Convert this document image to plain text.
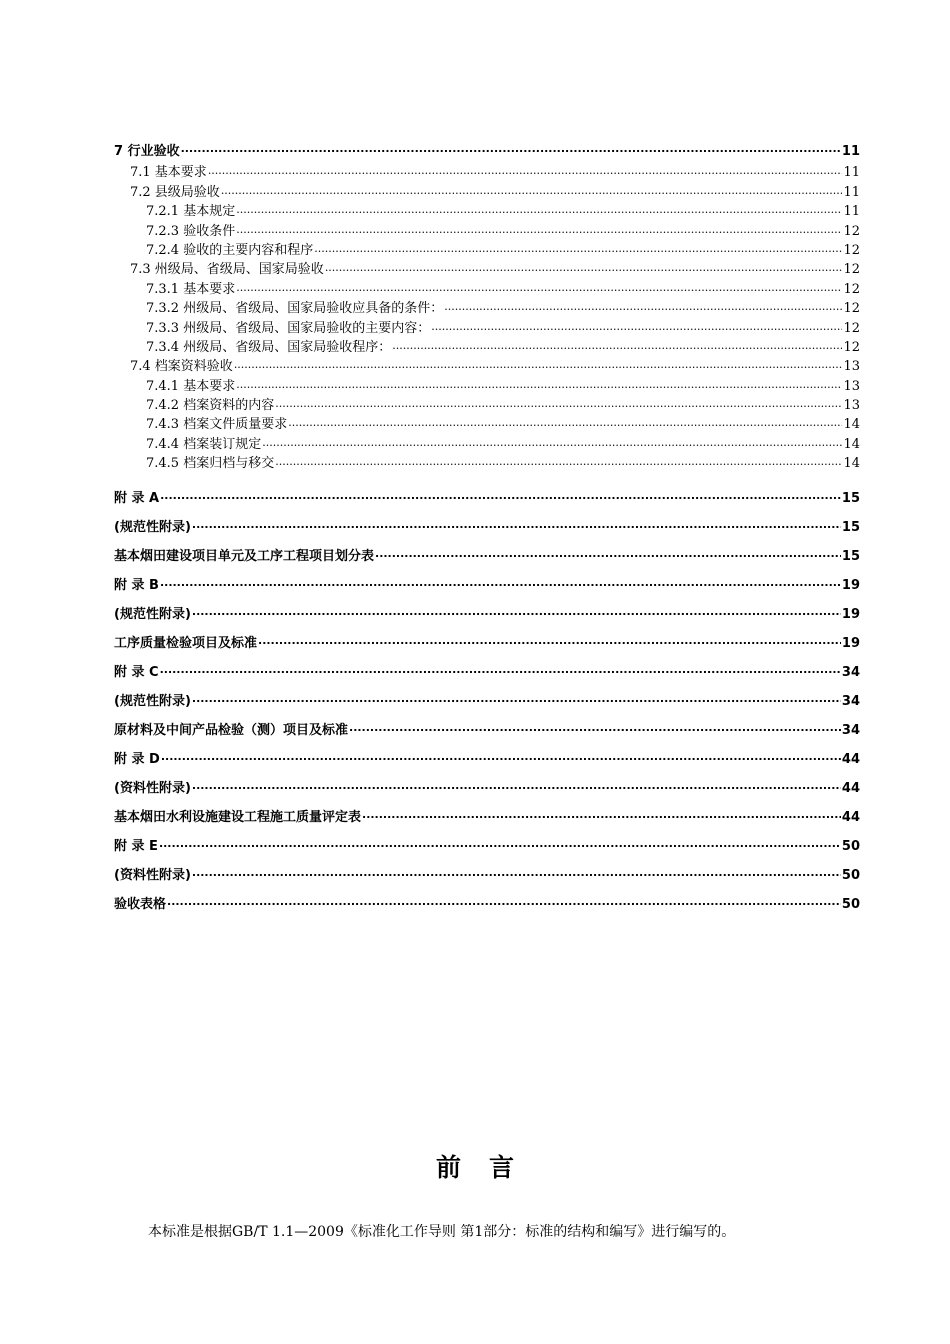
7 行业验收 .....	11
7.1 基本要求 .....	11
7.2 县级局验收 .....	11
7.2.1 基本规定 .....	11
7.2.3 验收条件 .....	12
7.2.4 验收的主要内容和程序 .....	12
7.3 州级局、省级局、国家局验收 .....	12
7.3.1 基本要求 .....	12
7.3.2 州级局、省级局、国家局验收应具备的条件： .....	12
7.3.3 州级局、省级局、国家局验收的主要内容： .....	12
7.3.4 州级局、省级局、国家局验收程序： .....	12
7.4 档案资料验收 .....	13
7.4.1 基本要求 .....	13
7.4.2 档案资料的内容 .....	13
7.4.3 档案文件质量要求 .....	14
7.4.4 档案装订规定 .....	14
7.4.5 档案归档与移交 .....	14
附 录 A .....	15
(规范性附录) .....	15
基本烟田建设项目单元及工序工程项目划分表 .....	15
附 录 B .....	19
(规范性附录) .....	19
工序质量检验项目及标准 .....	19
附 录 C .....	34
(规范性附录) .....	34
原材料及中间产品检验（测）项目及标准 .....	34
附 录 D .....	44
(资料性附录) .....	44
基本烟田水利设施建设工程施工质量评定表 .....	44
附 录 E .....	50
(资料性附录) .....	50
验收表格 .....	50
前言
本标准是根据GB/T 1.1—2009《标准化工作导则 第1部分：标准的结构和编写》进行编写的。
